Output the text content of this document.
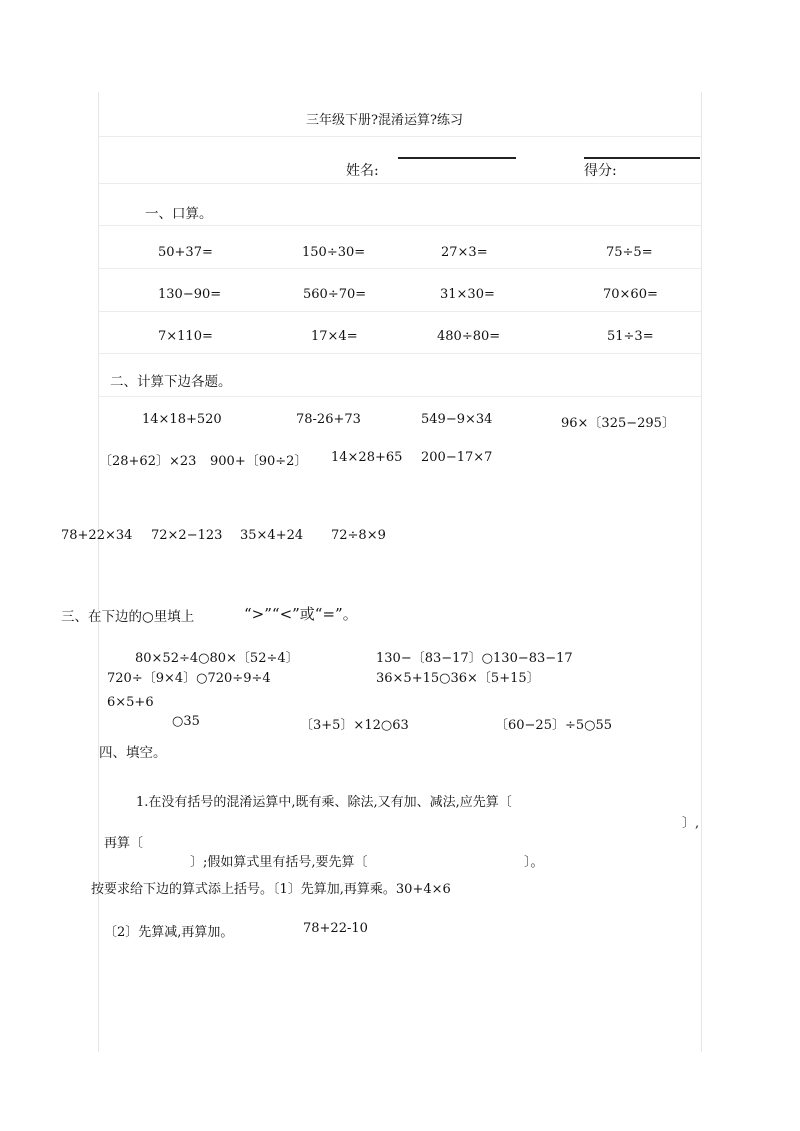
三年级下册?混淆运算?练习
姓名:	得分:
一、口算。
50+37=	150÷30=	27×3=	75÷5=
130−90=	560÷70=	31×30=	70×60=
7×110=	17×4=	480÷80=	51÷3=
二、计算下边各题。
14×18+520	78-26+73	549−9×34	96×〔325−295〕
〔28+62〕×23 900+〔90÷2〕 14×28+65 200−17×7
78+22×34 72×2−123 35×4+24 72÷8×9
三、在下边的○里填上	“>”“<”或“=”。
80×52÷4○80×〔52÷4〕	130−〔83−17〕○130−83−17
720÷〔9×4〕○720÷9÷4	36×5+15○36×〔5+15〕
6×5+6
○35	〔3+5〕×12○63	〔60−25〕÷5○55
四、填空。
1.在没有括号的混淆运算中,既有乘、除法,又有加、减法,应先算〔
〕,
再算〔
〕;假如算式里有括号,要先算〔	〕。
按要求给下边的算式添上括号。〔1〕先算加,再算乘。30+4×6
〔2〕先算减,再算加。	78+22-10
